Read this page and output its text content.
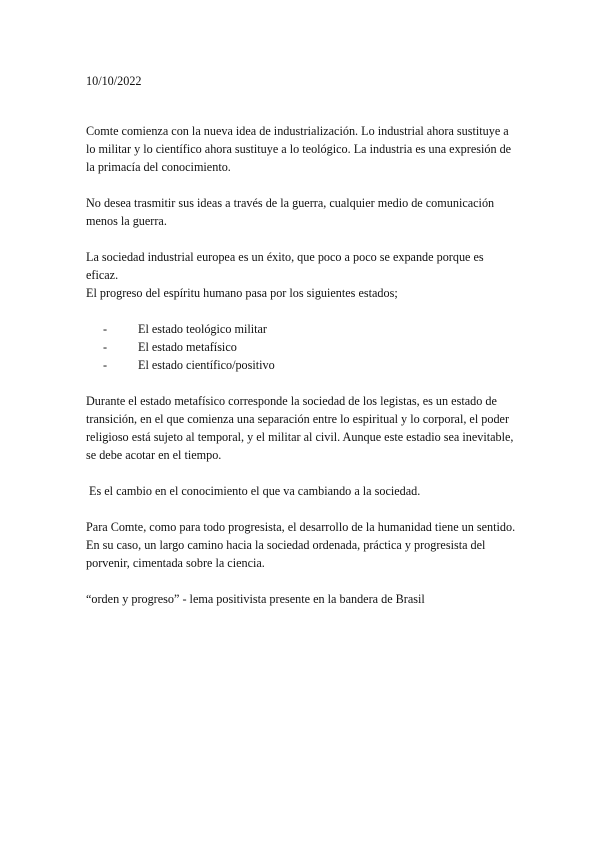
10/10/2022

Comte comienza con la nueva idea de industrialización. Lo industrial ahora sustituye a lo militar y lo científico ahora sustituye a lo teológico. La industria es una expresión de la primacía del conocimiento.

No desea trasmitir sus ideas a través de la guerra, cualquier medio de comunicación menos la guerra.

La sociedad industrial europea es un éxito, que poco a poco se expande porque es eficaz.

El progreso del espíritu humano pasa por los siguientes estados;

-	El estado teológico militar
-	El estado metafísico
-	El estado científico/positivo

Durante el estado metafísico corresponde la sociedad de los legistas, es un estado de transición, en el que comienza una separación entre lo espiritual y lo corporal, el poder religioso está sujeto al temporal, y el militar al civil. Aunque este estadio sea inevitable, se debe acotar en el tiempo.

Es el cambio en el conocimiento el que va cambiando a la sociedad.

Para Comte, como para todo progresista, el desarrollo de la humanidad tiene un sentido. En su caso, un largo camino hacia la sociedad ordenada, práctica y progresista del porvenir, cimentada sobre la ciencia.

“orden y progreso” - lema positivista presente en la bandera de Brasil
